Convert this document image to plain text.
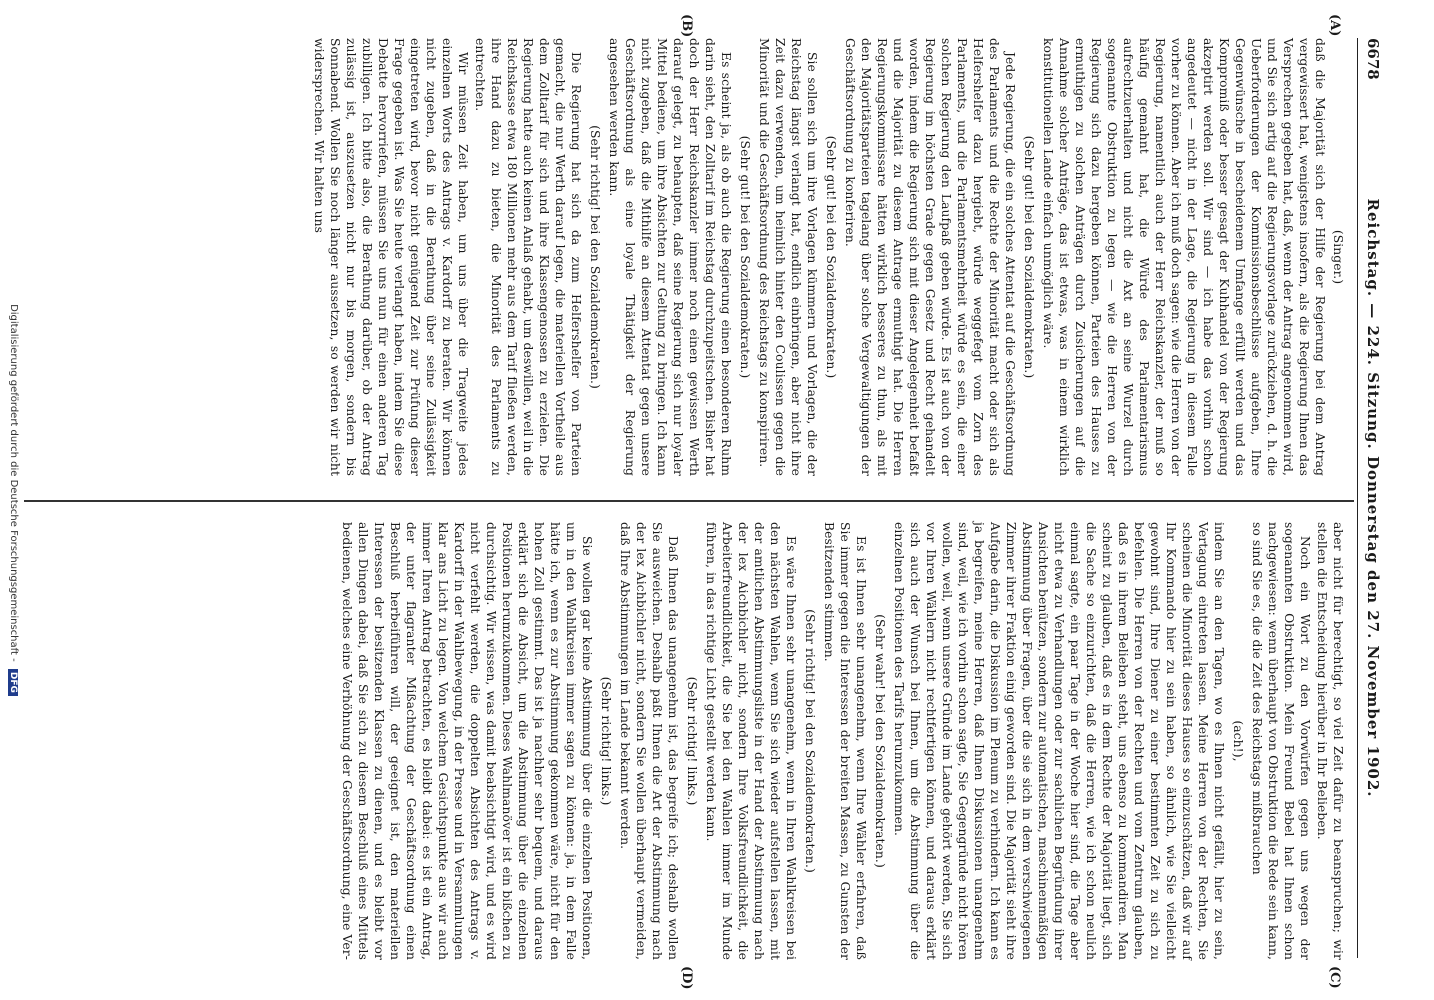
6678
Reichstag. — 224. Sitzung. Donnerstag den 27. November 1902.
(A)
(B)
(C)
(D)

(Singer.)

daß die Majorität sich der Hilfe der Regierung bei dem Antrag vergewissert hat, wenigstens insofern, als die Regierung Ihnen das Versprechen gegeben hat, daß, wenn der Antrag angenommen wird, und Sie sich artig auf die Regierungsvorlage zurückziehen, d. h. die Ueberforderungen der Kommissionsbeschlüsse aufgeben, Ihre Gegenwünsche in bescheidenem Umfange erfüllt werden und das Kompromiß oder besser gesagt der Kuhhandel von der Regierung akzeptirt werden soll. Wir sind — ich habe das vorhin schon angedeutet — nicht in der Lage, die Regierung in diesem Falle vorher zu können. Aber ich muß doch sagen: wie die Herren von der Regierung, namentlich auch der Herr Reichskanzler, der muß so häufig gemahnt hat, die Würde des Parlamentarismus aufrechtzuerhalten und nicht die Axt an seine Wurzel durch sogenannte Obstruktion zu legen — wie die Herren von der Regierung sich dazu hergeben können, Parteien des Hauses zu ermuthigen zu solchen Anträgen durch Zusicherungen auf die Annahme solcher Anträge, das ist etwas, was in einem wirklich konstitutionellen Lande einfach unmöglich wäre.

(Sehr gut! bei den Sozialdemokraten.)

Jede Regierung, die ein solches Attentat auf die Geschäftsordnung des Parlaments und die Rechte der Minorität macht oder sich als Helfershelfer dazu hergiebt, würde weggefegt vom Zorn des Parlaments, und die Parlamentsmehrheit würde es sein, die einer solchen Regierung den Laufpaß geben würde. Es ist auch von der Regierung im höchsten Grade gegen Gesetz und Recht gehandelt worden, indem die Regierung sich mit dieser Angelegenheit befaßt und die Majorität zu diesem Antrage ermuthigt hat. Die Herren Regierungskommissare hätten wirklich besseres zu thun, als mit den Majoritätsparteien tagelang über solche Vergewaltigungen der Geschäftsordnung zu konferiren.

(Sehr gut! bei den Sozialdemokraten.)

Sie sollen sich um ihre Vorlagen kümmern und Vorlagen, die der Reichstag längst verlangt hat, endlich einbringen, aber nicht ihre Zeit dazu verwenden, um heimlich hinter den Coulissen gegen die Minorität und die Geschäftsordnung des Reichstags zu konspiriren.

(Sehr gut! bei den Sozialdemokraten.)

Es scheint ja, als ob auch die Regierung einen besonderen Ruhm darin sieht, den Zolltarif im Reichstag durchzupeitschen. Bisher hat doch der Herr Reichskanzler immer noch einen gewissen Werth darauf gelegt, zu behaupten, daß seine Regierung sich nur loyaler Mittel bediene, um ihre Absichten zur Geltung zu bringen. Ich kann nicht zugeben, daß die Mithilfe an diesem Attentat gegen unsere Geschäftsordnung als eine loyale Thätigkeit der Regierung angesehen werden kann.

(Sehr richtig! bei den Sozialdemokraten.)

Die Regierung hat sich da zum Helfershelfer von Parteien gemacht, die nur Werth darauf legen, die materiellen Vortheile aus dem Zolltarif für sich und ihre Klassengenossen zu erzielen. Die Regierung hatte auch keinen Anlaß gehabt, um deswillen, weil in die Reichskasse etwa 180 Millionen mehr aus dem Tarif fließen werden, ihre Hand dazu zu bieten, die Minorität des Parlaments zu entrechten.

Wir müssen Zeit haben, um uns über die Tragweite jedes einzelnen Worts des Antrags v. Kardorff zu beraten. Wir können nicht zugeben, daß in die Berathung über seine Zulässigkeit eingetreten wird, bevor nicht genügend Zeit zur Prüfung dieser Frage gegeben ist. Was Sie heute verlangt haben, indem Sie diese Debatte hervorriefen, müssen Sie uns nun für einen anderen Tag zubilligen. Ich bitte also, die Berathung darüber, ob der Antrag zulässig ist, auszusetzen nicht nur bis morgen, sondern bis Sonnabend. Wollen Sie noch länger aussetzen, so werden wir nicht widersprechen. Wir halten uns

aber nicht für berechtigt, so viel Zeit dafür zu beanspruchen; wir stellen die Entscheidung hierüber in Ihr Belieben.

Noch ein Wort zu den Vorwürfen gegen uns wegen der sogenannten Obstruktion. Mein Freund Bebel hat Ihnen schon nachgewiesen: wenn überhaupt von Obstruktion die Rede sein kann, so sind Sie es, die die Zeit des Reichstags mißbrauchen

(ach!),

indem Sie an den Tagen, wo es Ihnen nicht gefällt, hier zu sein, Vertagung eintreten lassen. Meine Herren von der Rechten, Sie scheinen die Minorität dieses Hauses so einzuschätzen, daß wir auf Ihr Kommando hier zu sein haben, so ähnlich, wie Sie vielleicht gewohnt sind, Ihre Diener zu einer bestimmten Zeit zu sich zu befehlen. Die Herren von der Rechten und vom Zentrum glauben, daß es in ihrem Belieben steht, uns ebenso zu kommandiren. Man scheint zu glauben, daß es in dem Rechte der Majorität liegt, sich die Sache so einzurichten, daß die Herren, wie ich schon neulich einmal sagte, ein paar Tage in der Woche hier sind, die Tage aber nicht etwa zu Verhandlungen oder zur sachlichen Begründung ihrer Ansichten benützen, sondern zur automatischen, maschinenmäßigen Abstimmung über Fragen, über die sie sich in dem verschwiegenen Zimmer ihrer Fraktion einig geworden sind. Die Majorität sieht ihre Aufgabe darin, die Diskussion im Plenum zu verhindern. Ich kann es ja begreifen, meine Herren, daß Ihnen Diskussionen unangenehm sind, weil, wie ich vorhin schon sagte, Sie Gegengründe nicht hören wollen, weil, wenn unsere Gründe im Lande gehört werden, Sie sich vor Ihren Wählern nicht rechtfertigen können, und daraus erklärt sich auch der Wunsch bei Ihnen, um die Abstimmung über die einzelnen Positionen des Tarifs herumzukommen.

(Sehr wahr! bei den Sozialdemokraten.)

Es ist Ihnen sehr unangenehm, wenn Ihre Wähler erfahren, daß Sie immer gegen die Interessen der breiten Massen, zu Gunsten der Besitzenden stimmen.

(Sehr richtig! bei den Sozialdemokraten.)

Es wäre Ihnen sehr unangenehm, wenn in Ihren Wahlkreisen bei den nächsten Wahlen, wenn Sie sich wieder aufstellen lassen, mit der amtlichen Abstimmungsliste in der Hand der Abstimmung nach der lex Aichbichler nicht, sondern Ihre Volksfreundlichkeit, die Arbeiterfreundlichkeit, die Sie bei den Wahlen immer im Munde führen, in das richtige Licht gestellt werden kann.

(Sehr richtig! links.)

Daß Ihnen das unangenehm ist, das begreife ich; deshalb wollen Sie ausweichen. Deshalb paßt Ihnen die Art der Abstimmung nach der lex Aichbichler nicht, sondern Sie wollen überhaupt vermeiden, daß Ihre Abstimmungen im Lande bekannt werden.

(Sehr richtig! links.)

Sie wollen gar keine Abstimmung über die einzelnen Positionen, um in den Wahlkreisen immer sagen zu können: ja, in dem Falle hätte ich, wenn es zur Abstimmung gekommen wäre, nicht für den hohen Zoll gestimmt. Das ist ja nachher sehr bequem, und daraus erklärt sich die Absicht, um die Abstimmung über die einzelnen Positionen herumzukommen. Dieses Wahlmanöver ist ein bißchen zu durchsichtig. Wir wissen, was damit beabsichtigt wird, und es wird nicht verfehlt werden, die doppelten Absichten des Antrags v. Kardorff in der Wahlbewegung, in der Presse und in Versammlungen klar ans Licht zu legen. Von welchem Gesichtspunkte aus wir auch immer Ihren Antrag betrachten, es bleibt dabei: es ist ein Antrag, der unter flagranter Mißachtung der Geschäftsordnung einen Beschluß herbeiführen will, der geeignet ist, den materiellen Interessen der besitzenden Klassen zu dienen, und es bleibt vor allen Dingen dabei, daß Sie sich zu diesem Beschluß eines Mittels bedienen, welches eine Verhöhnung der Geschäftsordnung, eine Ver-

Digitalisierung gefördert durch die Deutsche Forschungsgemeinschaft - DFG
